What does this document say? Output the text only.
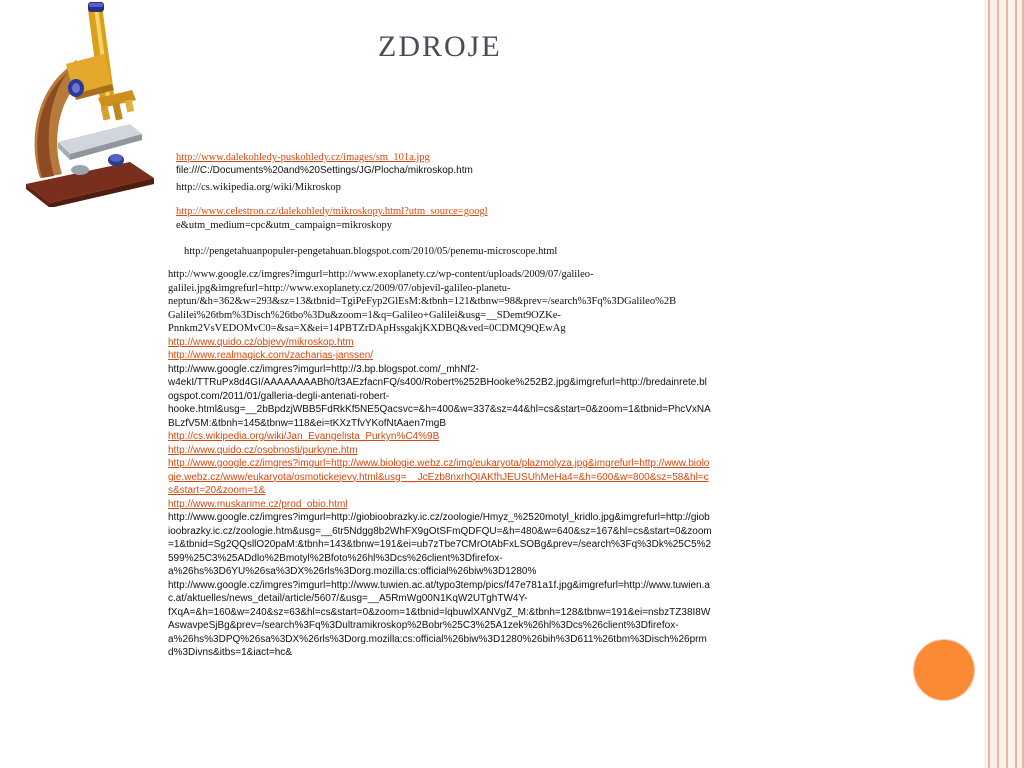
ZDROJE
http://www.dalekohledy-puskohledy.cz/images/sm_101a.jpg
file:///C:/Documents%20and%20Settings/JG/Plocha/mikroskop.htm
http://cs.wikipedia.org/wiki/Mikroskop
http://www.celestron.cz/dalekohledy/mikroskopy.html?utm_source=googl
e&utm_medium=cpc&utm_campaign=mikroskopy
http://pengetahuanpopuler-pengetahuan.blogspot.com/2010/05/penemu-microscope.html
http://www.google.cz/imgres?imgurl=http://www.exoplanety.cz/wp-content/uploads/2009/07/galileo-
galilei.jpg&imgrefurl=http://www.exoplanety.cz/2009/07/objevil-galileo-planetu-
neptun/&h=362&w=293&sz=13&tbnid=TgiPeFyp2GlEsM:&tbnh=121&tbnw=98&prev=/search%3Fq%3DGalileo%2B
Galilei%26tbm%3Disch%26tbo%3Du&zoom=1&q=Galileo+Galilei&usg=__SDemt9OZKe-
Pnnkm2VsVEDOMvC0=&sa=X&ei=14PBTZrDApHssgakjKXDBQ&ved=0CDMQ9QEwAg
http://www.quido.cz/objevy/mikroskop.htm
http://www.realmagick.com/zacharias-janssen/
http://www.google.cz/imgres?imgurl=http://3.bp.blogspot.com/_mhNf2-
w4ekI/TTRuPx8d4GI/AAAAAAAABh0/t3AEzfacnFQ/s400/Robert%252BHooke%252B2.jpg&imgrefurl=http://bredainrete.bl
ogspot.com/2011/01/galleria-degli-antenati-robert-
hooke.html&usg=__2bBpdzjWBB5FdRkKf5NE5Qacsvc=&h=400&w=337&sz=44&hl=cs&start=0&zoom=1&tbnid=PhcVxNA
BLzfV5M:&tbnh=145&tbnw=118&ei=tKXzTfvYKofNtAaen7mgB
http://cs.wikipedia.org/wiki/Jan_Evangelista_Purkyn%C4%9B
http://www.quido.cz/osobnosti/purkyne.htm
http://www.google.cz/imgres?imgurl=http://www.biologie.webz.cz/img/eukaryota/plazmolyza.jpg&imgrefurl=http://www.biolo
gie.webz.cz/www/eukaryota/osmotickejevy.html&usg=__JcEzb8nxrhQIAKfhJEUSUhMeHa4=&h=600&w=800&sz=58&hl=c
s&start=20&zoom=1&
http://www.muskarime.cz/prod_obio.html
http://www.google.cz/imgres?imgurl=http://giobioobrazky.ic.cz/zoologie/Hmyz_%2520motyl_kridlo.jpg&imgrefurl=http://giob
ioobrazky.ic.cz/zoologie.htm&usg=__6tr5Ndgg8b2WhFX9gOtSFmQDFQU=&h=480&w=640&sz=167&hl=cs&start=0&zoom
=1&tbnid=Sg2QQsllO20paM:&tbnh=143&tbnw=191&ei=ub7zTbe7CMrOtAbFxLSOBg&prev=/search%3Fq%3Dk%25C5%2
599%25C3%25ADdlo%2Bmotyl%2Bfoto%26hl%3Dcs%26client%3Dfirefox-
a%26hs%3D6YU%26sa%3DX%26rls%3Dorg.mozilla:cs:official%26biw%3D1280%
http://www.google.cz/imgres?imgurl=http://www.tuwien.ac.at/typo3temp/pics/f47e781a1f.jpg&imgrefurl=http://www.tuwien.a
c.at/aktuelles/news_detail/article/5607/&usg=__A5RmWg00N1KqW2UTghTW4Y-
fXqA=&h=160&w=240&sz=63&hl=cs&start=0&zoom=1&tbnid=lqbuwlXANVgZ_M:&tbnh=128&tbnw=191&ei=nsbzTZ38I8W
AswavpeSjBg&prev=/search%3Fq%3Dultramikroskop%2Bobr%25C3%25A1zek%26hl%3Dcs%26client%3Dfirefox-
a%26hs%3DPQ%26sa%3DX%26rls%3Dorg.mozilla:cs:official%26biw%3D1280%26bih%3D611%26tbm%3Disch%26prm
d%3Divns&itbs=1&iact=hc&
